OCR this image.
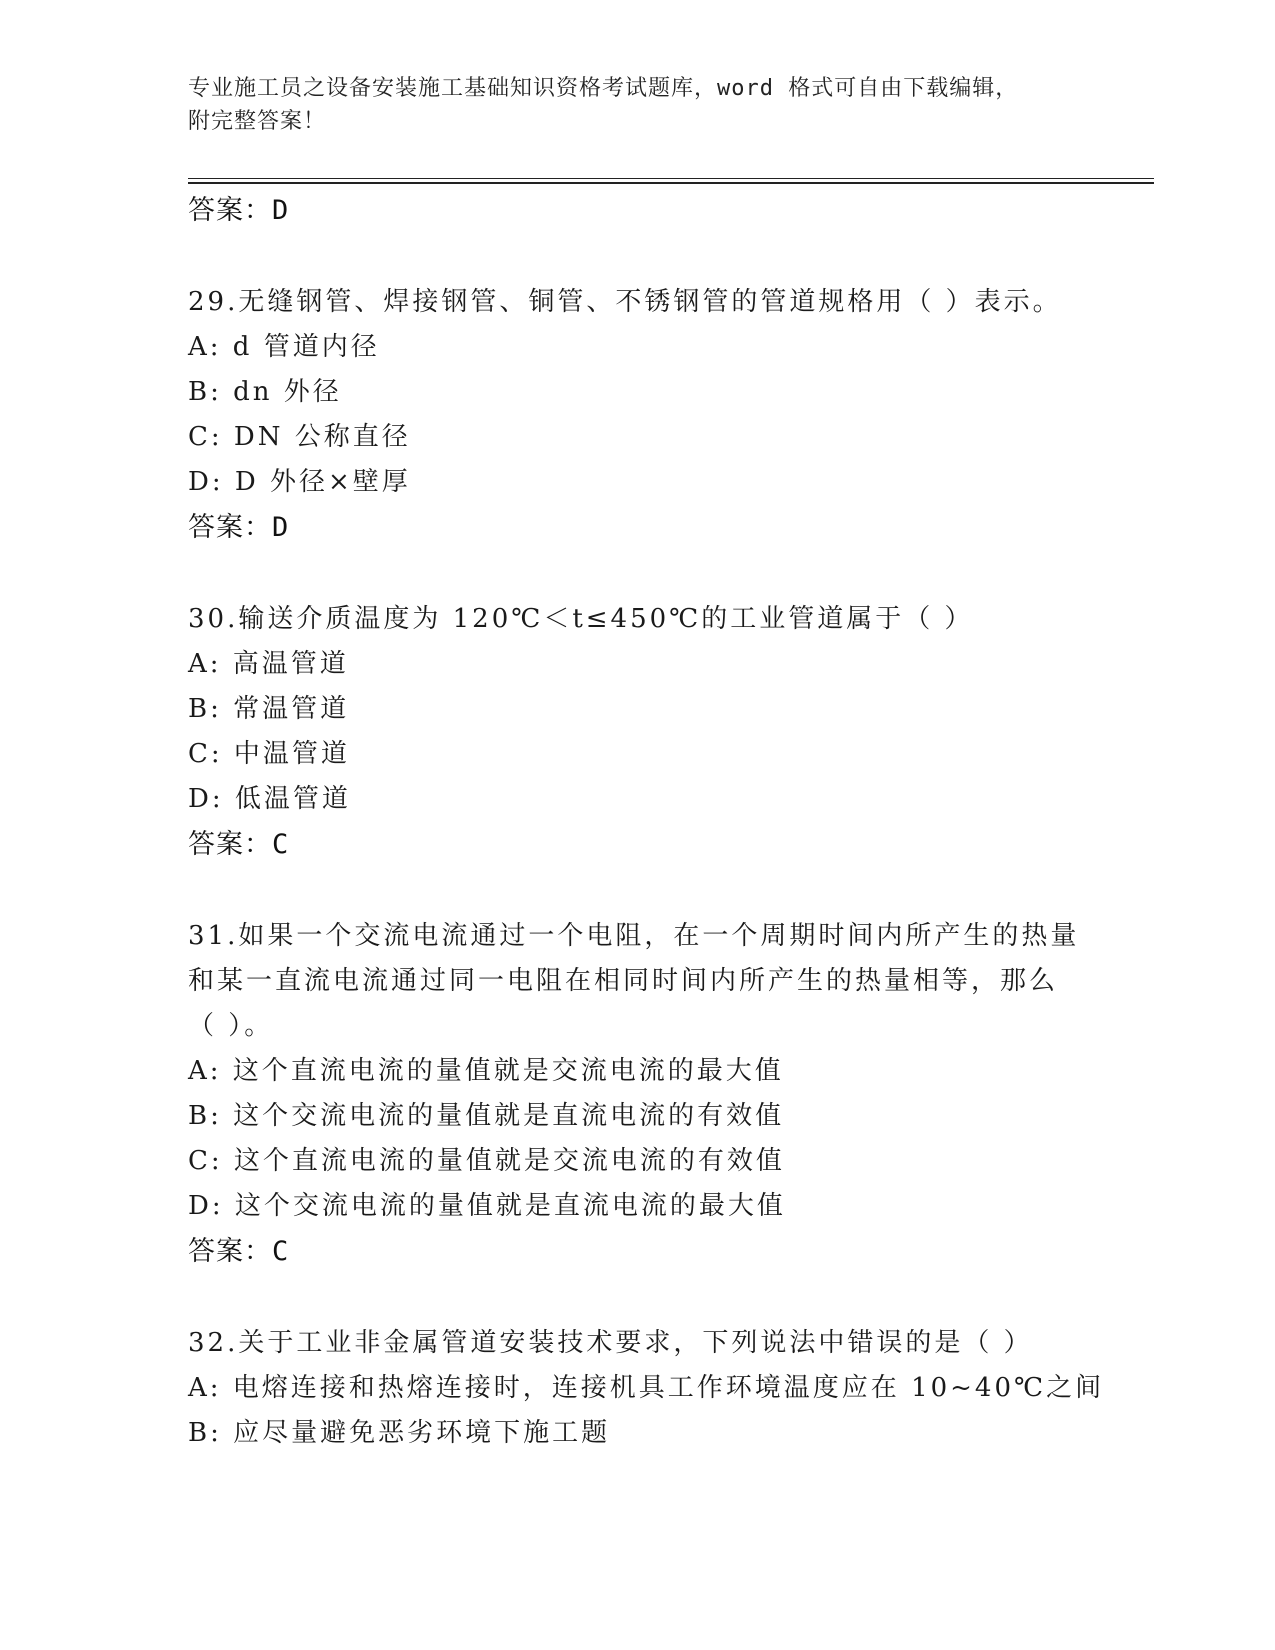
专业施工员之设备安装施工基础知识资格考试题库，word 格式可自由下载编辑，
附完整答案！
答案：D
29.无缝钢管、焊接钢管、铜管、不锈钢管的管道规格用（ ）表示。
A: d 管道内径
B: dn 外径
C: DN 公称直径
D: D 外径×壁厚
答案：D
30.输送介质温度为 120℃＜t≤450℃的工业管道属于（ ）
A: 高温管道
B: 常温管道
C: 中温管道
D: 低温管道
答案：C
31.如果一个交流电流通过一个电阻，在一个周期时间内所产生的热量
和某一直流电流通过同一电阻在相同时间内所产生的热量相等，那么
（ ）。
A: 这个直流电流的量值就是交流电流的最大值
B: 这个交流电流的量值就是直流电流的有效值
C: 这个直流电流的量值就是交流电流的有效值
D: 这个交流电流的量值就是直流电流的最大值
答案：C
32.关于工业非金属管道安装技术要求，下列说法中错误的是（ ）
A: 电熔连接和热熔连接时，连接机具工作环境温度应在 10~40℃之间
B: 应尽量避免恶劣环境下施工题
